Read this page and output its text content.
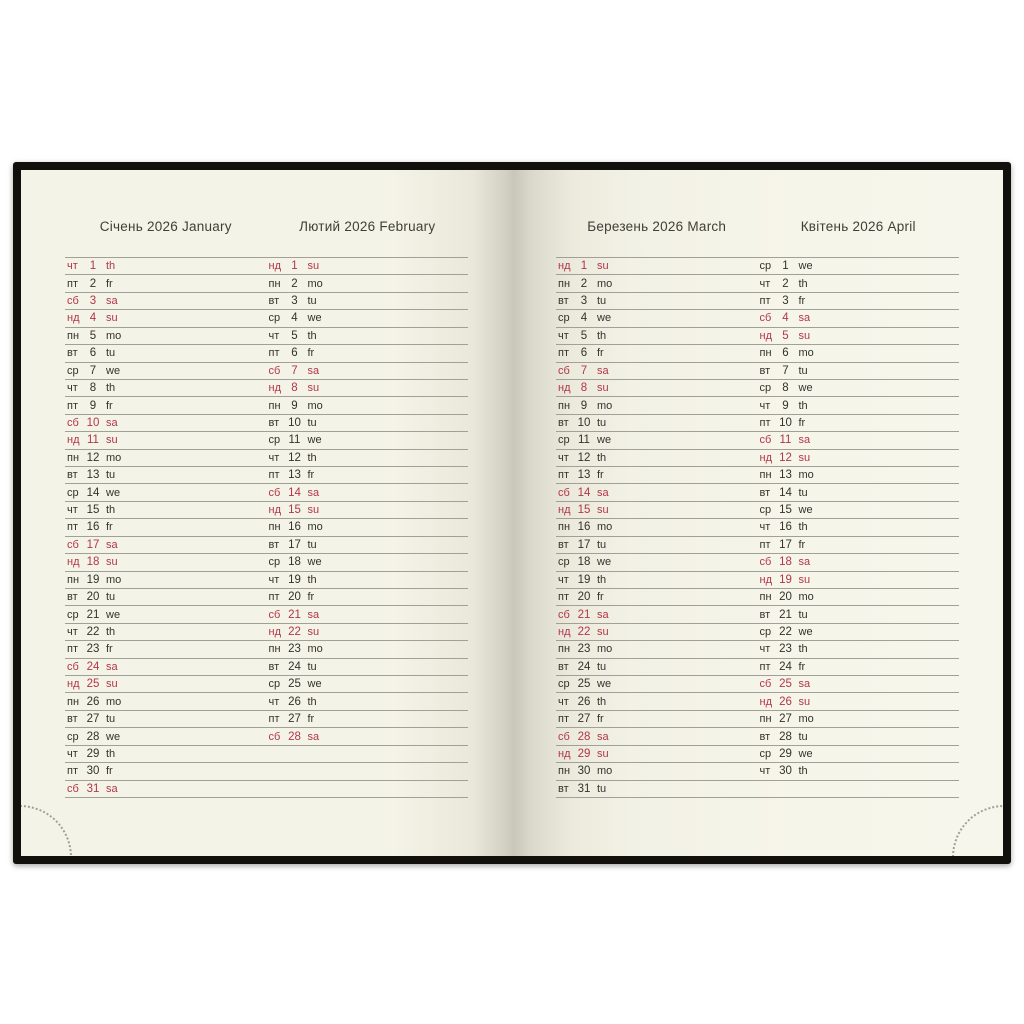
Січень 2026 January	Лютий 2026 February
чт	1 th	нд 1 su
пт	2 fr	пн 2 mo
сб 3 sa	вт	3 tu
нд 4 su	ср 4 we
пн 5 mo	чт	5 th
вт	6 tu	пт	6 fr
ср 7 we	сб 7 sa
чт	8 th	нд 8 su
пт	9 fr	пн 9 mo
сб 10 sa	вт 10 tu
нд 11 su	ср 11 we
пн 12 mo	чт 12 th
вт 13 tu	пт 13 fr
ср 14 we	сб 14 sa
чт 15 th	нд 15 su
пт 16 fr	пн 16 mo
сб 17 sa	вт 17 tu
нд 18 su	ср 18 we
пн 19 mo	чт 19 th
вт 20 tu	пт 20 fr
ср 21 we	сб 21 sa
чт 22 th	нд 22 su
пт 23 fr	пн 23 mo
сб 24 sa	вт 24 tu
нд 25 su	ср 25 we
пн 26 mo	чт 26 th
вт 27 tu	пт 27 fr
ср 28 we	сб 28 sa
чт 29 th
пт 30 fr
сб 31 sa
Березень 2026 March	Квітень 2026 April
нд 1 su	ср 1 we
пн 2 mo	чт	2 th
вт	3 tu	пт	3 fr
ср 4 we	сб 4 sa
чт	5 th	нд 5 su
пт	6 fr	пн 6 mo
сб 7 sa	вт	7 tu
нд 8 su	ср 8 we
пн 9 mo	чт	9 th
вт 10 tu	пт 10 fr
ср 11 we	сб 11 sa
чт 12 th	нд 12 su
пт 13 fr	пн 13 mo
сб 14 sa	вт 14 tu
нд 15 su	ср 15 we
пн 16 mo	чт 16 th
вт 17 tu	пт 17 fr
ср 18 we	сб 18 sa
чт 19 th	нд 19 su
пт 20 fr	пн 20 mo
сб 21 sa	вт 21 tu
нд 22 su	ср 22 we
пн 23 mo	чт 23 th
вт 24 tu	пт 24 fr
ср 25 we	сб 25 sa
чт 26 th	нд 26 su
пт 27 fr	пн 27 mo
сб 28 sa	вт 28 tu
нд 29 su	ср 29 we
пн 30 mo	чт 30 th
вт 31 tu
